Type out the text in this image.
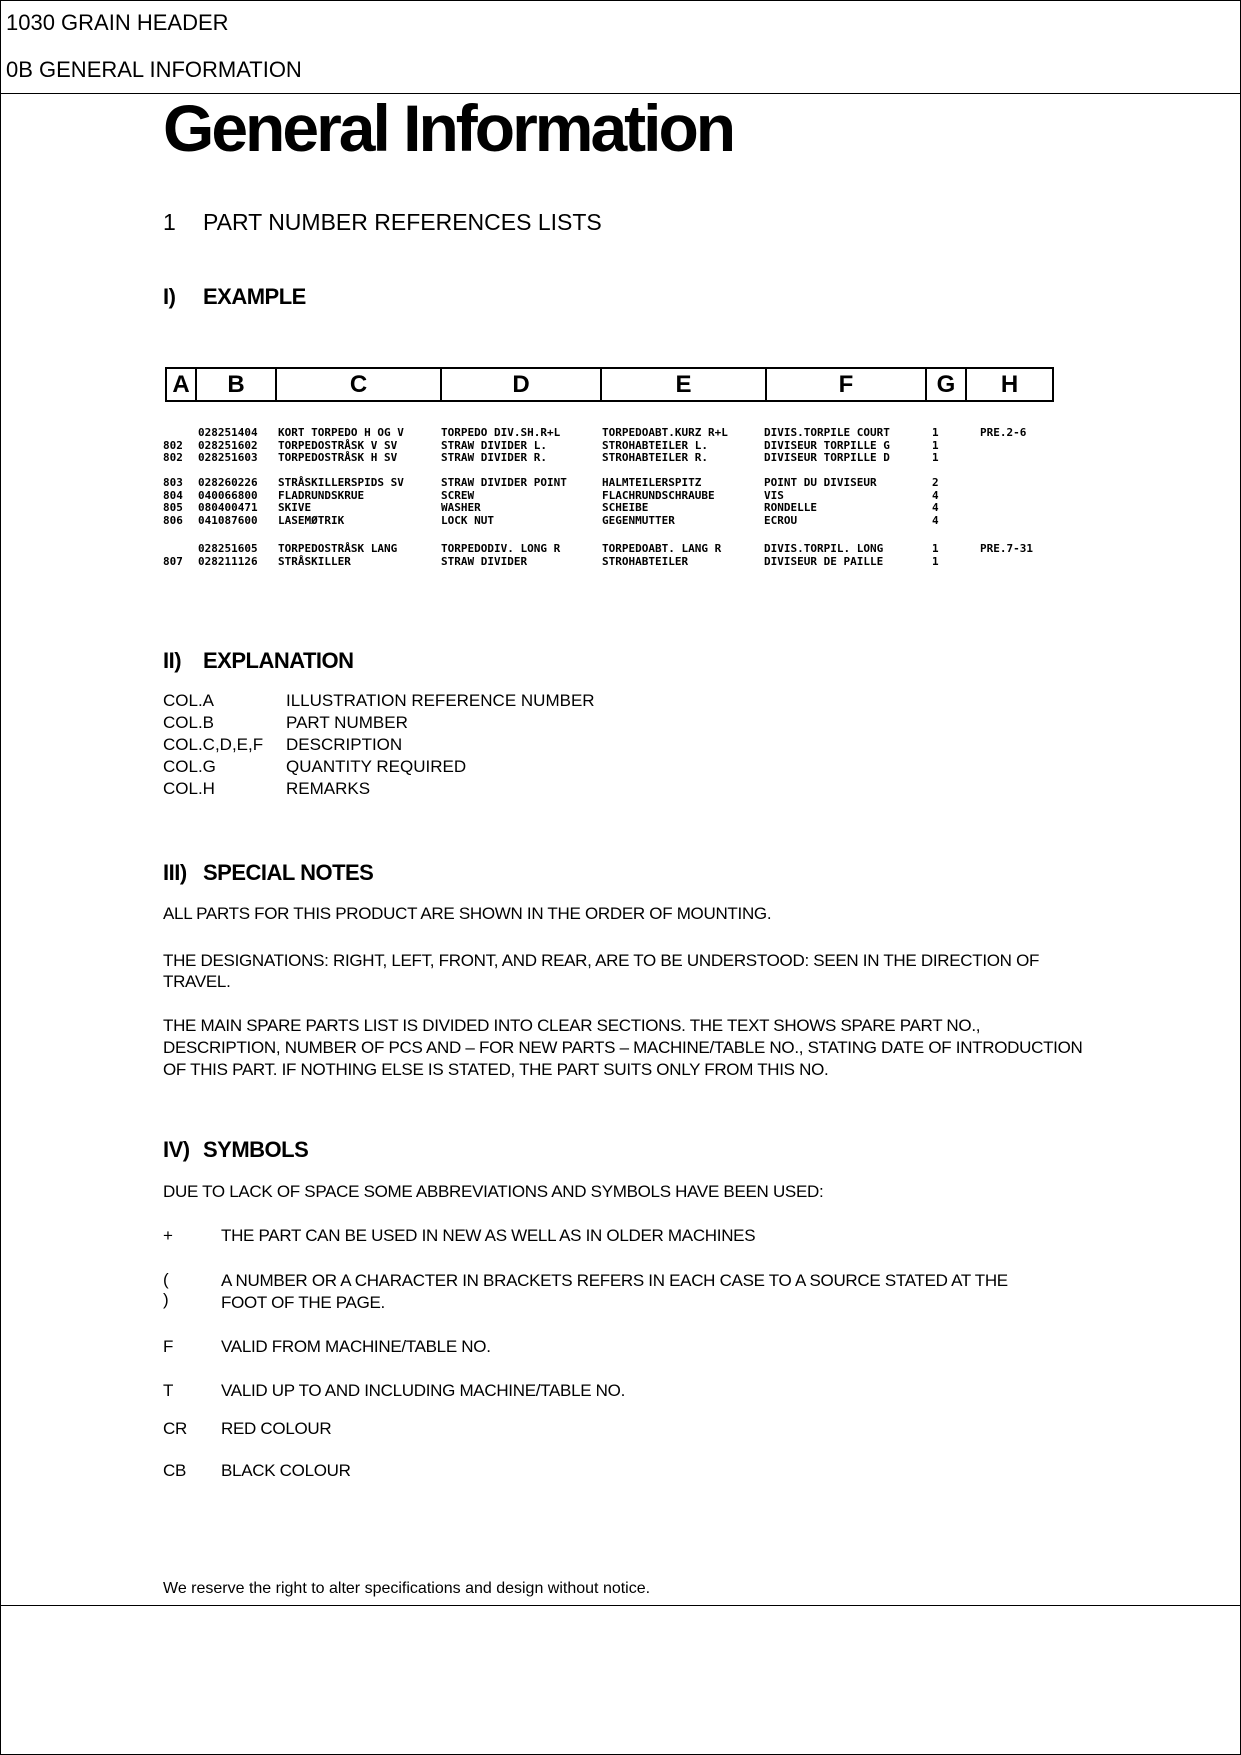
1030 GRAIN HEADER
0B GENERAL INFORMATION
General Information
1 PART NUMBER REFERENCES LISTS
I) EXAMPLE
A	B	C	D	E	F	G	H
028251404 KORT TORPEDO H OG V	TORPEDO DIV.SH.R+L	TORPEDOABT.KURZ R+L	DIVIS.TORPILE COURT	1	PRE.2-6
802 028251602 TORPEDOSTRÅSK V SV	STRAW DIVIDER L.	STROHABTEILER L.	DIVISEUR TORPILLE G	1
802 028251603 TORPEDOSTRÅSK H SV	STRAW DIVIDER R.	STROHABTEILER R.	DIVISEUR TORPILLE D	1
803 028260226 STRÅSKILLERSPIDS SV	STRAW DIVIDER POINT	HALMTEILERSPITZ	POINT DU DIVISEUR	2
804 040066800 FLADRUNDSKRUE	SCREW	FLACHRUNDSCHRAUBE	VIS	4
805 080400471 SKIVE	WASHER	SCHEIBE	RONDELLE	4
806 041087600 LASEMØTRIK	LOCK NUT	GEGENMUTTER	ECROU	4
028251605 TORPEDOSTRÅSK LANG	TORPEDODIV. LONG R	TORPEDOABT. LANG R	DIVIS.TORPIL. LONG	1	PRE.7-31
807 028211126 STRÅSKILLER	STRAW DIVIDER	STROHABTEILER	DIVISEUR DE PAILLE	1
II) EXPLANATION
COL.A	ILLUSTRATION REFERENCE NUMBER
COL.B	PART NUMBER
COL.C,D,E,F DESCRIPTION
COL.G	QUANTITY REQUIRED
COL.H	REMARKS
III) SPECIAL NOTES
ALL PARTS FOR THIS PRODUCT ARE SHOWN IN THE ORDER OF MOUNTING.
THE DESIGNATIONS: RIGHT, LEFT, FRONT, AND REAR, ARE TO BE UNDERSTOOD: SEEN IN THE DIRECTION OF TRAVEL.
THE MAIN SPARE PARTS LIST IS DIVIDED INTO CLEAR SECTIONS. THE TEXT SHOWS SPARE PART NO., DESCRIPTION, NUMBER OF PCS AND – FOR NEW PARTS – MACHINE/TABLE NO., STATING DATE OF INTRODUCTION OF THIS PART. IF NOTHING ELSE IS STATED, THE PART SUITS ONLY FROM THIS NO.
IV) SYMBOLS
DUE TO LACK OF SPACE SOME ABBREVIATIONS AND SYMBOLS HAVE BEEN USED:
+	THE PART CAN BE USED IN NEW AS WELL AS IN OLDER MACHINES
( )
A NUMBER OR A CHARACTER IN BRACKETS REFERS IN EACH CASE TO A SOURCE STATED AT THE FOOT OF THE PAGE.
F	VALID FROM MACHINE/TABLE NO.
T	VALID UP TO AND INCLUDING MACHINE/TABLE NO.
CR RED COLOUR
CB BLACK COLOUR
We reserve the right to alter specifications and design without notice.
